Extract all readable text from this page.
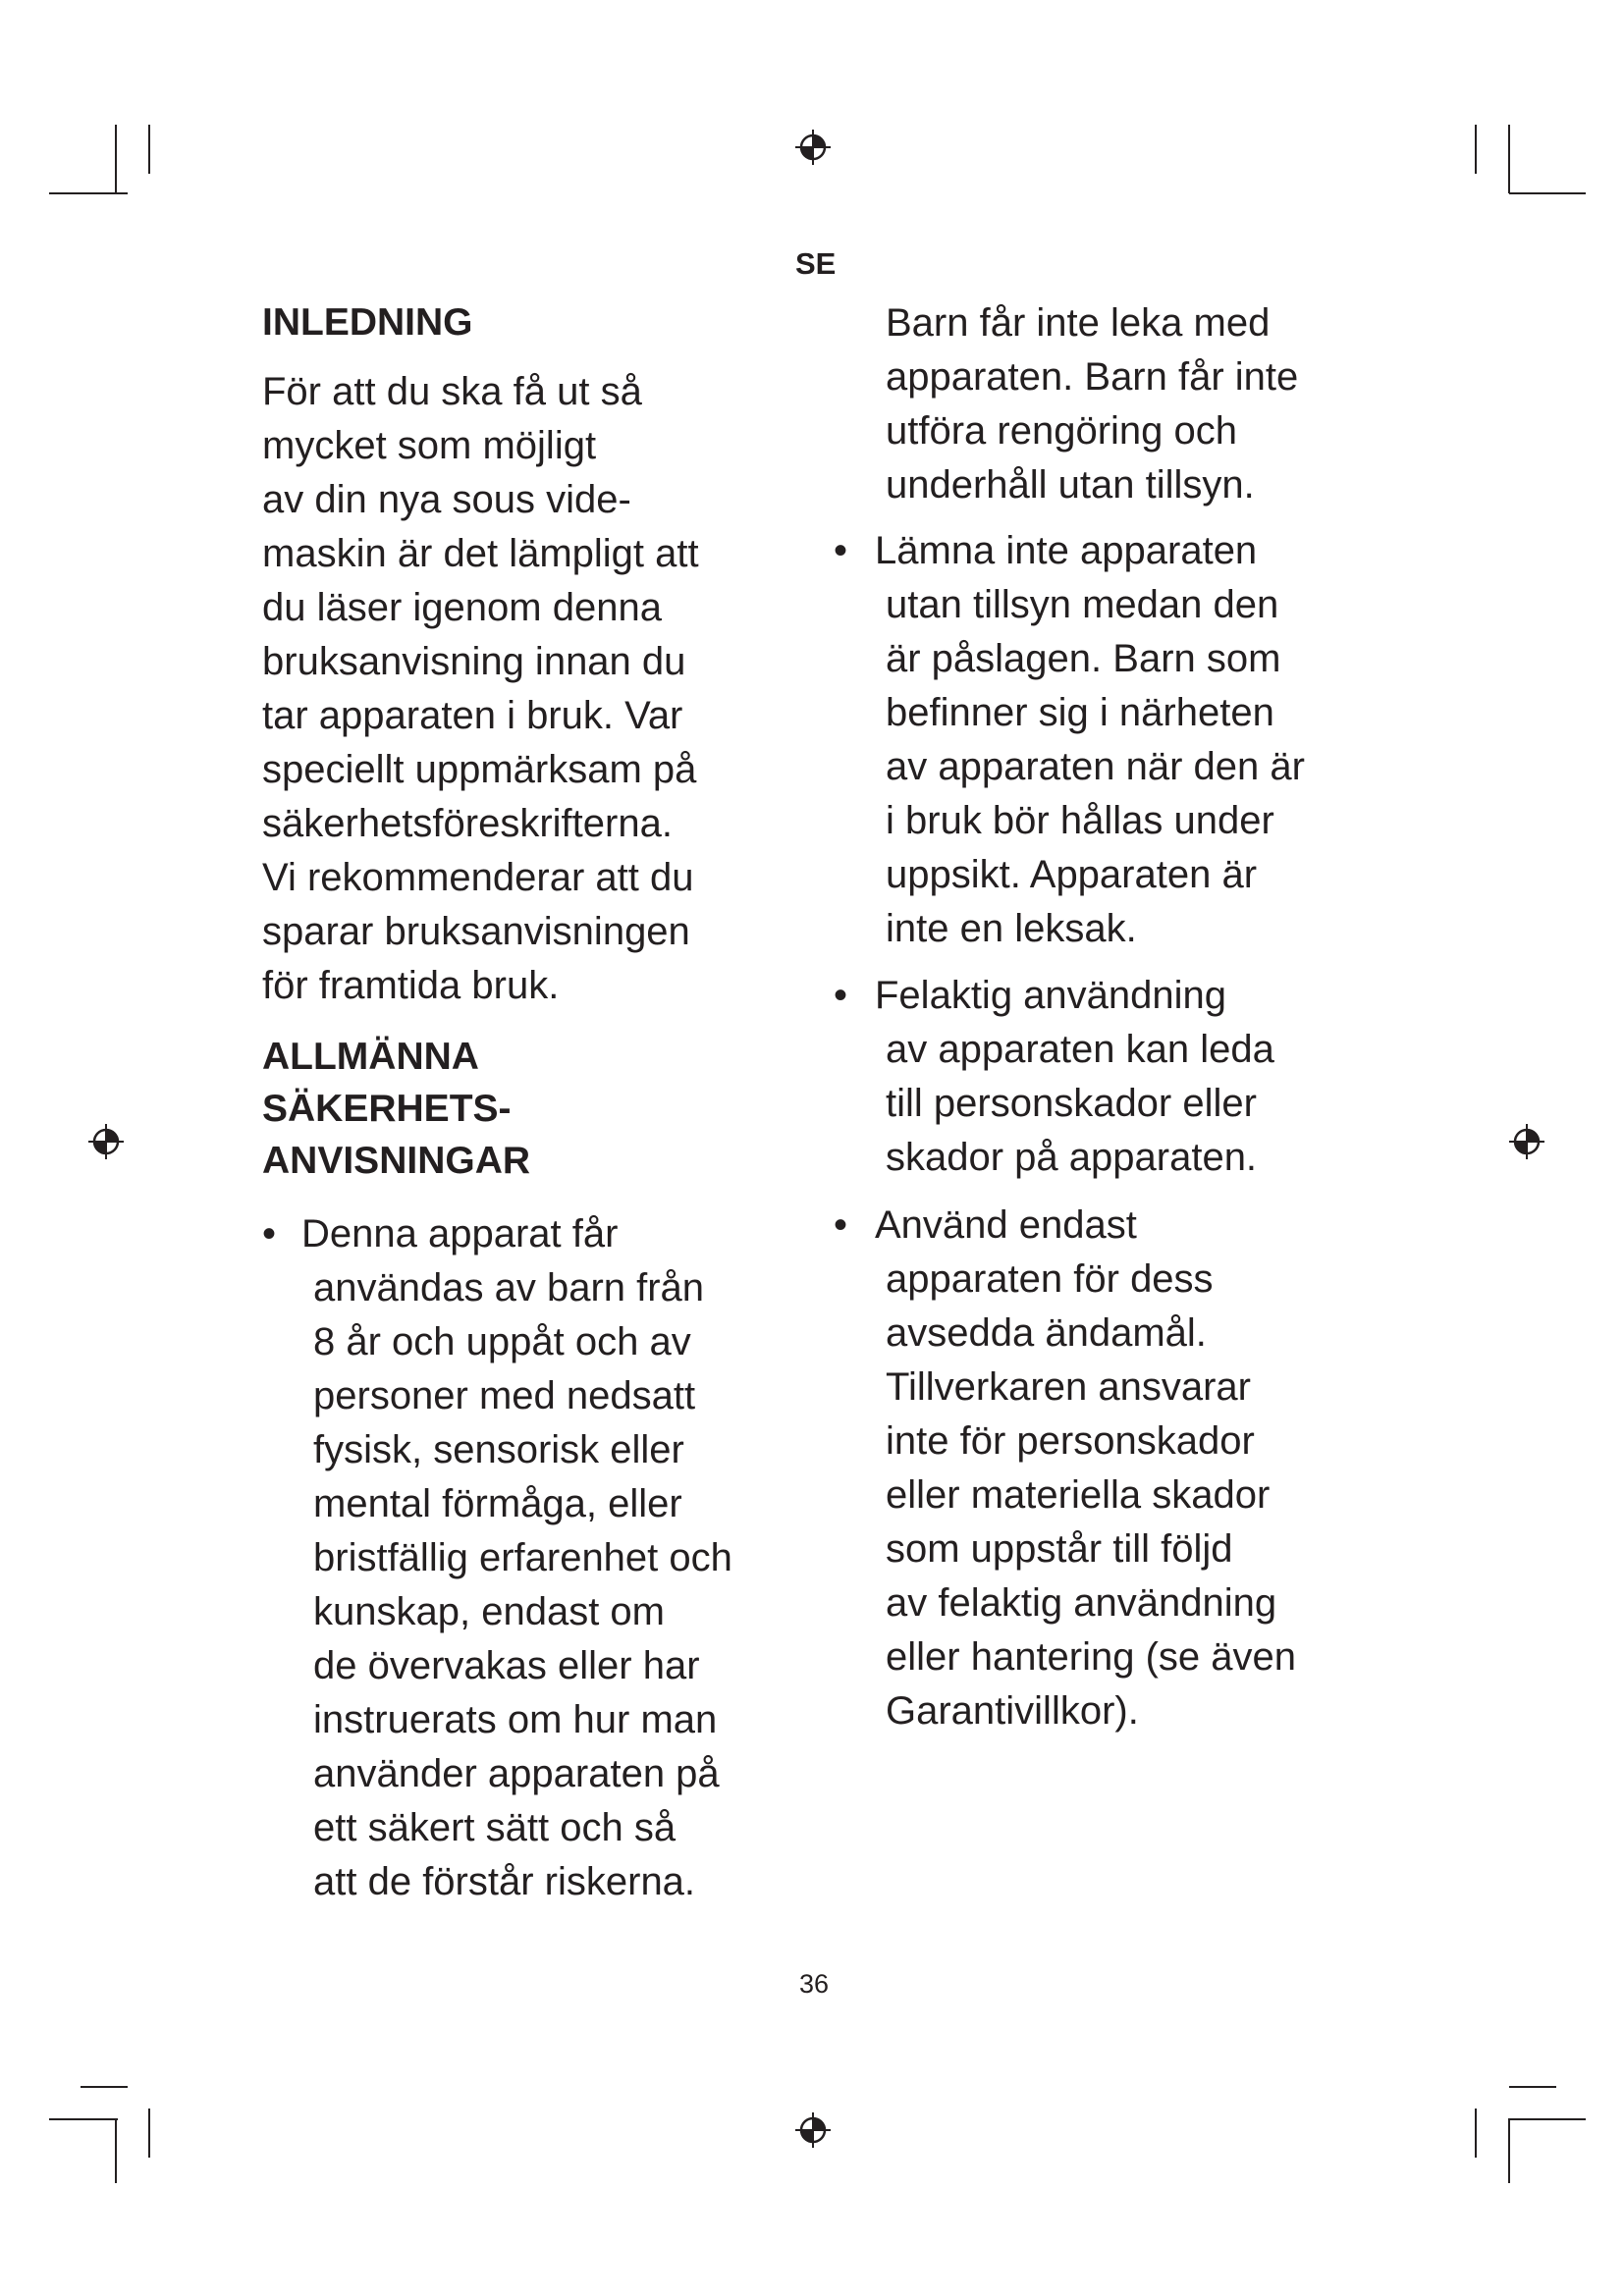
SE
INLEDNING

För att du ska få ut så
mycket som möjligt
av din nya sous vide-
maskin är det lämpligt att
du läser igenom denna
bruksanvisning innan du
tar apparaten i bruk. Var
speciellt uppmärksam på
säkerhetsföreskrifterna.
Vi rekommenderar att du
sparar bruksanvisningen
för framtida bruk.

ALLMÄNNA
SÄKERHETS-
ANVISNINGAR
• Denna apparat får
användas av barn från
8 år och uppåt och av
personer med nedsatt
fysisk, sensorisk eller
mental förmåga, eller
bristfällig erfarenhet och
kunskap, endast om
de övervakas eller har
instruerats om hur man
använder apparaten på
ett säkert sätt och så
att de förstår riskerna.

Barn får inte leka med
apparaten. Barn får inte
utföra rengöring och
underhåll utan tillsyn.

• Lämna inte apparaten
utan tillsyn medan den
är påslagen. Barn som
befinner sig i närheten
av apparaten när den är
i bruk bör hållas under
uppsikt. Apparaten är
inte en leksak.
• Felaktig användning
av apparaten kan leda
till personskador eller
skador på apparaten.
• Använd endast
apparaten för dess
avsedda ändamål.
Tillverkaren ansvarar
inte för personskador
eller materiella skador
som uppstår till följd
av felaktig användning
eller hantering (se även
Garantivillkor).
36
